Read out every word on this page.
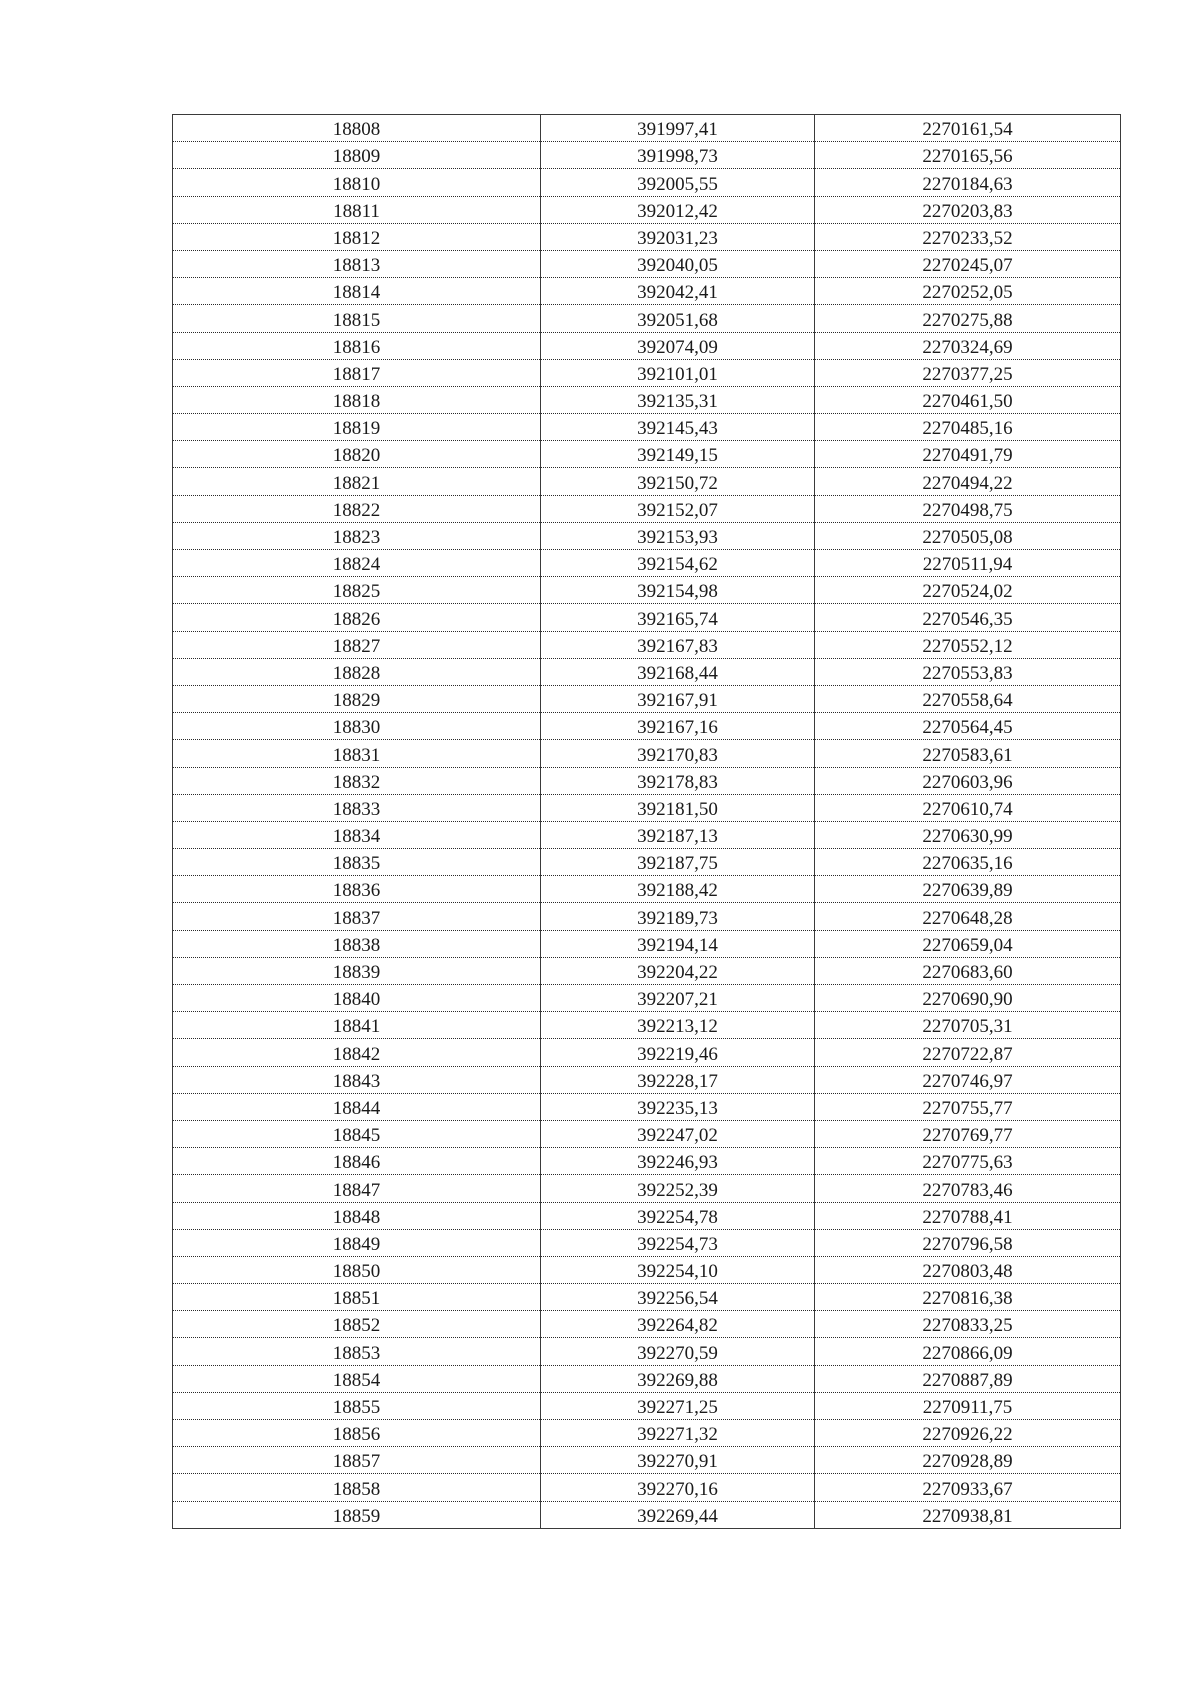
18808	391997,41	2270161,54
18809	391998,73	2270165,56
18810	392005,55	2270184,63
18811	392012,42	2270203,83
18812	392031,23	2270233,52
18813	392040,05	2270245,07
18814	392042,41	2270252,05
18815	392051,68	2270275,88
18816	392074,09	2270324,69
18817	392101,01	2270377,25
18818	392135,31	2270461,50
18819	392145,43	2270485,16
18820	392149,15	2270491,79
18821	392150,72	2270494,22
18822	392152,07	2270498,75
18823	392153,93	2270505,08
18824	392154,62	2270511,94
18825	392154,98	2270524,02
18826	392165,74	2270546,35
18827	392167,83	2270552,12
18828	392168,44	2270553,83
18829	392167,91	2270558,64
18830	392167,16	2270564,45
18831	392170,83	2270583,61
18832	392178,83	2270603,96
18833	392181,50	2270610,74
18834	392187,13	2270630,99
18835	392187,75	2270635,16
18836	392188,42	2270639,89
18837	392189,73	2270648,28
18838	392194,14	2270659,04
18839	392204,22	2270683,60
18840	392207,21	2270690,90
18841	392213,12	2270705,31
18842	392219,46	2270722,87
18843	392228,17	2270746,97
18844	392235,13	2270755,77
18845	392247,02	2270769,77
18846	392246,93	2270775,63
18847	392252,39	2270783,46
18848	392254,78	2270788,41
18849	392254,73	2270796,58
18850	392254,10	2270803,48
18851	392256,54	2270816,38
18852	392264,82	2270833,25
18853	392270,59	2270866,09
18854	392269,88	2270887,89
18855	392271,25	2270911,75
18856	392271,32	2270926,22
18857	392270,91	2270928,89
18858	392270,16	2270933,67
18859	392269,44	2270938,81
